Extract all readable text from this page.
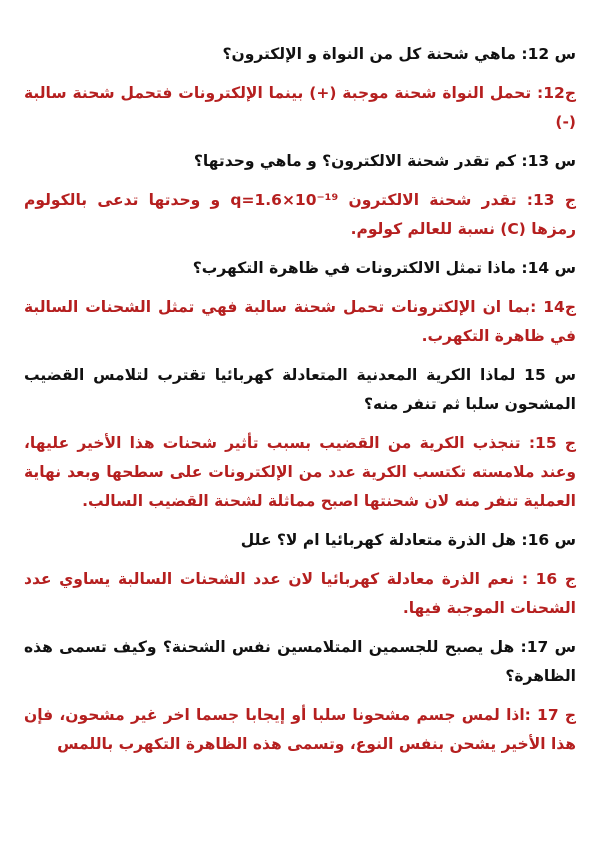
س 12: ماهي شحنة كل من النواة و الإلكترون؟

ج12: تحمل النواة شحنة موجبة (+) بينما الإلكترونات فتحمل شحنة سالبة (-)

س 13: كم تقدر شحنة الالكترون؟ و ماهي وحدتها؟

ج 13: تقدر شحنة الالكترون q=1.6×10⁻¹⁹ و وحدتها تدعى بالكولوم رمزها (C) نسبة للعالم كولوم.

س 14: ماذا تمثل الالكترونات في ظاهرة التكهرب؟

ج14 :بما ان الإلكترونات تحمل شحنة سالبة فهي تمثل الشحنات السالبة في ظاهرة التكهرب.

س 15 لماذا الكرية المعدنية المتعادلة كهربائيا تقترب لتلامس القضيب المشحون سلبا ثم تنفر منه؟

ج 15: تنجذب الكرية من القضيب بسبب تأثير شحنات هذا الأخير عليها، وعند ملامسته تكتسب الكرية عدد من الإلكترونات على سطحها وبعد نهاية العملية تنفر منه لان شحنتها اصبح مماثلة لشحنة القضيب السالب.

س 16: هل الذرة متعادلة كهربائيا ام لا؟ علل

ج 16 : نعم الذرة معادلة كهربائيا لان عدد الشحنات السالبة يساوي عدد الشحنات الموجبة فيها.

س 17: هل يصبح للجسمين المتلامسين نفس الشحنة؟ وكيف تسمى هذه الظاهرة؟

ج 17 :اذا لمس جسم مشحونا سلبا أو إيجابا جسما اخر غير مشحون، فإن هذا الأخير يشحن بنفس النوع، وتسمى هذه الظاهرة التكهرب باللمس
